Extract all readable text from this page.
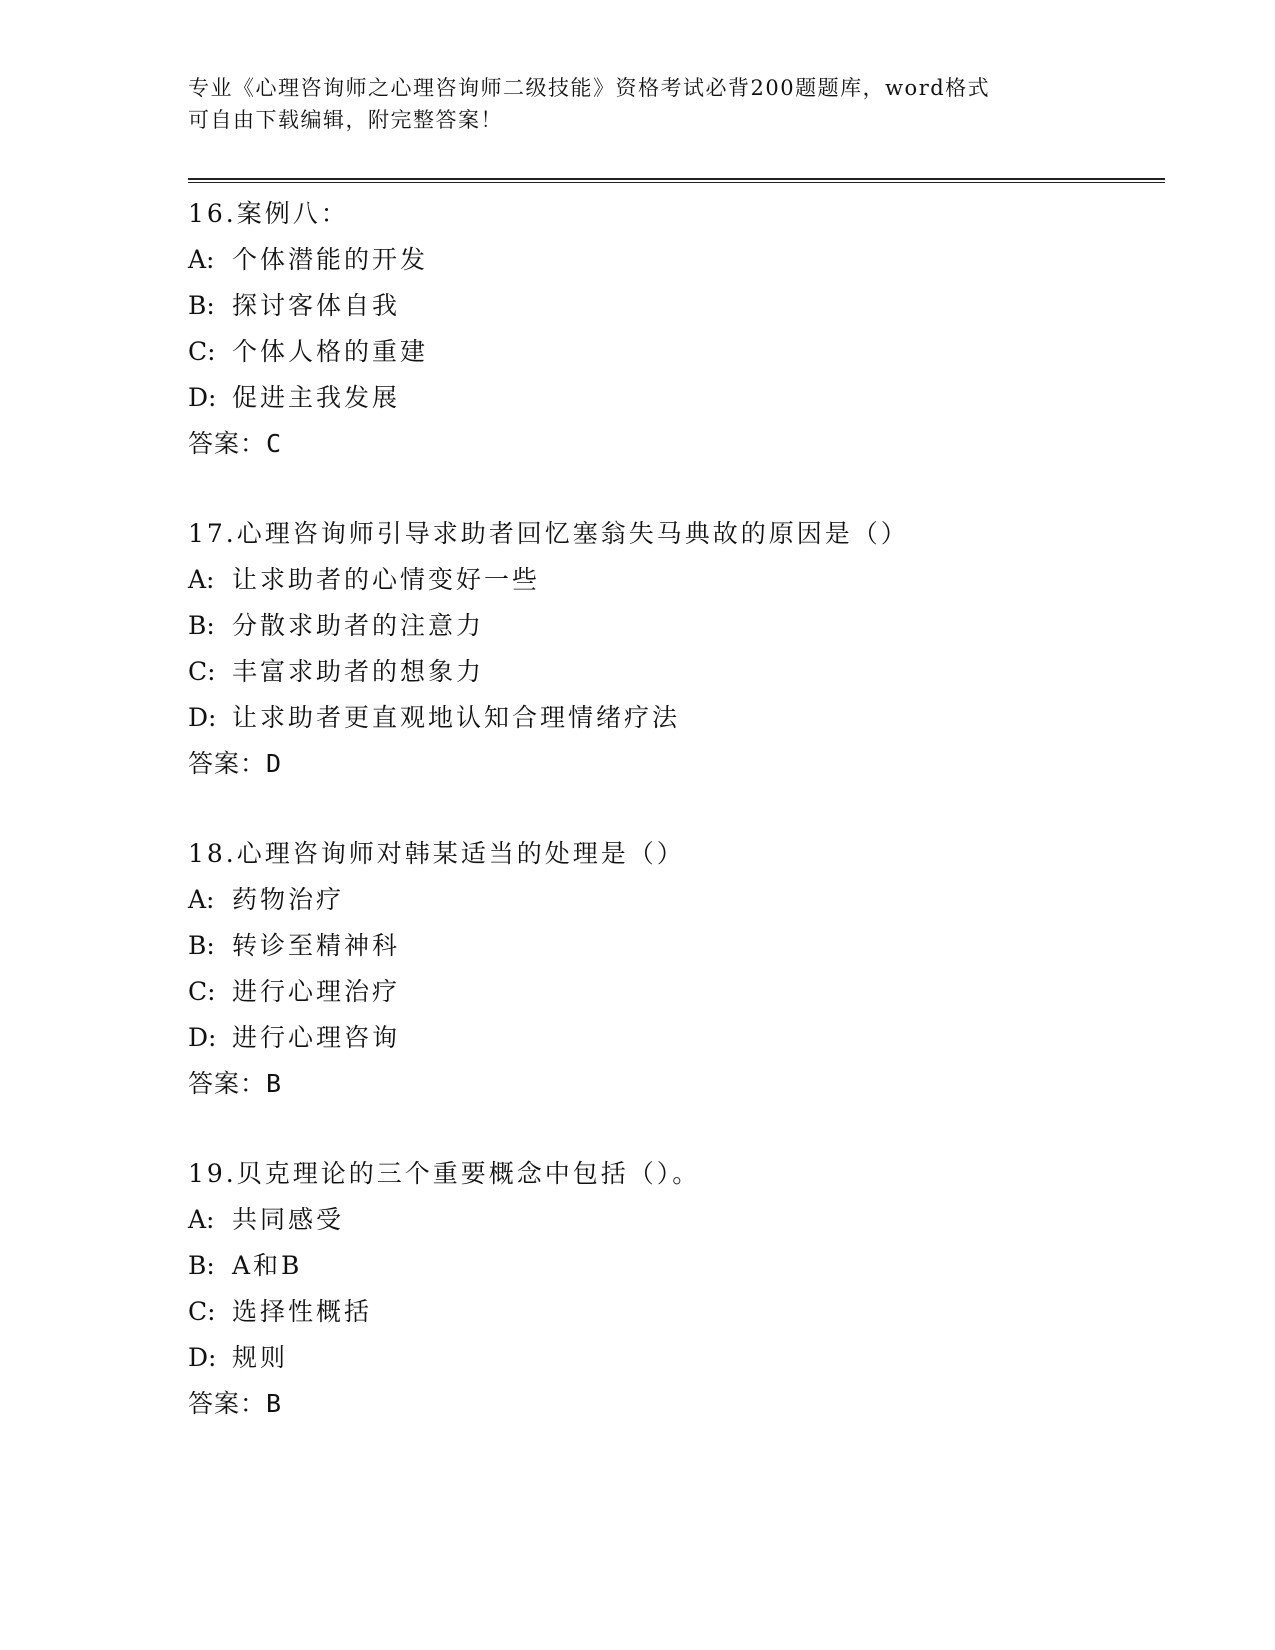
专业《心理咨询师之心理咨询师二级技能》资格考试必背200题题库，word格式
可自由下载编辑，附完整答案！
16.案例八：
A: 个体潜能的开发
B: 探讨客体自我
C: 个体人格的重建
D: 促进主我发展
答案：C
17.心理咨询师引导求助者回忆塞翁失马典故的原因是（）
A: 让求助者的心情变好一些
B: 分散求助者的注意力
C: 丰富求助者的想象力
D: 让求助者更直观地认知合理情绪疗法
答案：D
18.心理咨询师对韩某适当的处理是（）
A: 药物治疗
B: 转诊至精神科
C: 进行心理治疗
D: 进行心理咨询
答案：B
19.贝克理论的三个重要概念中包括（）。
A: 共同感受
B: A和B
C: 选择性概括
D: 规则
答案：B
